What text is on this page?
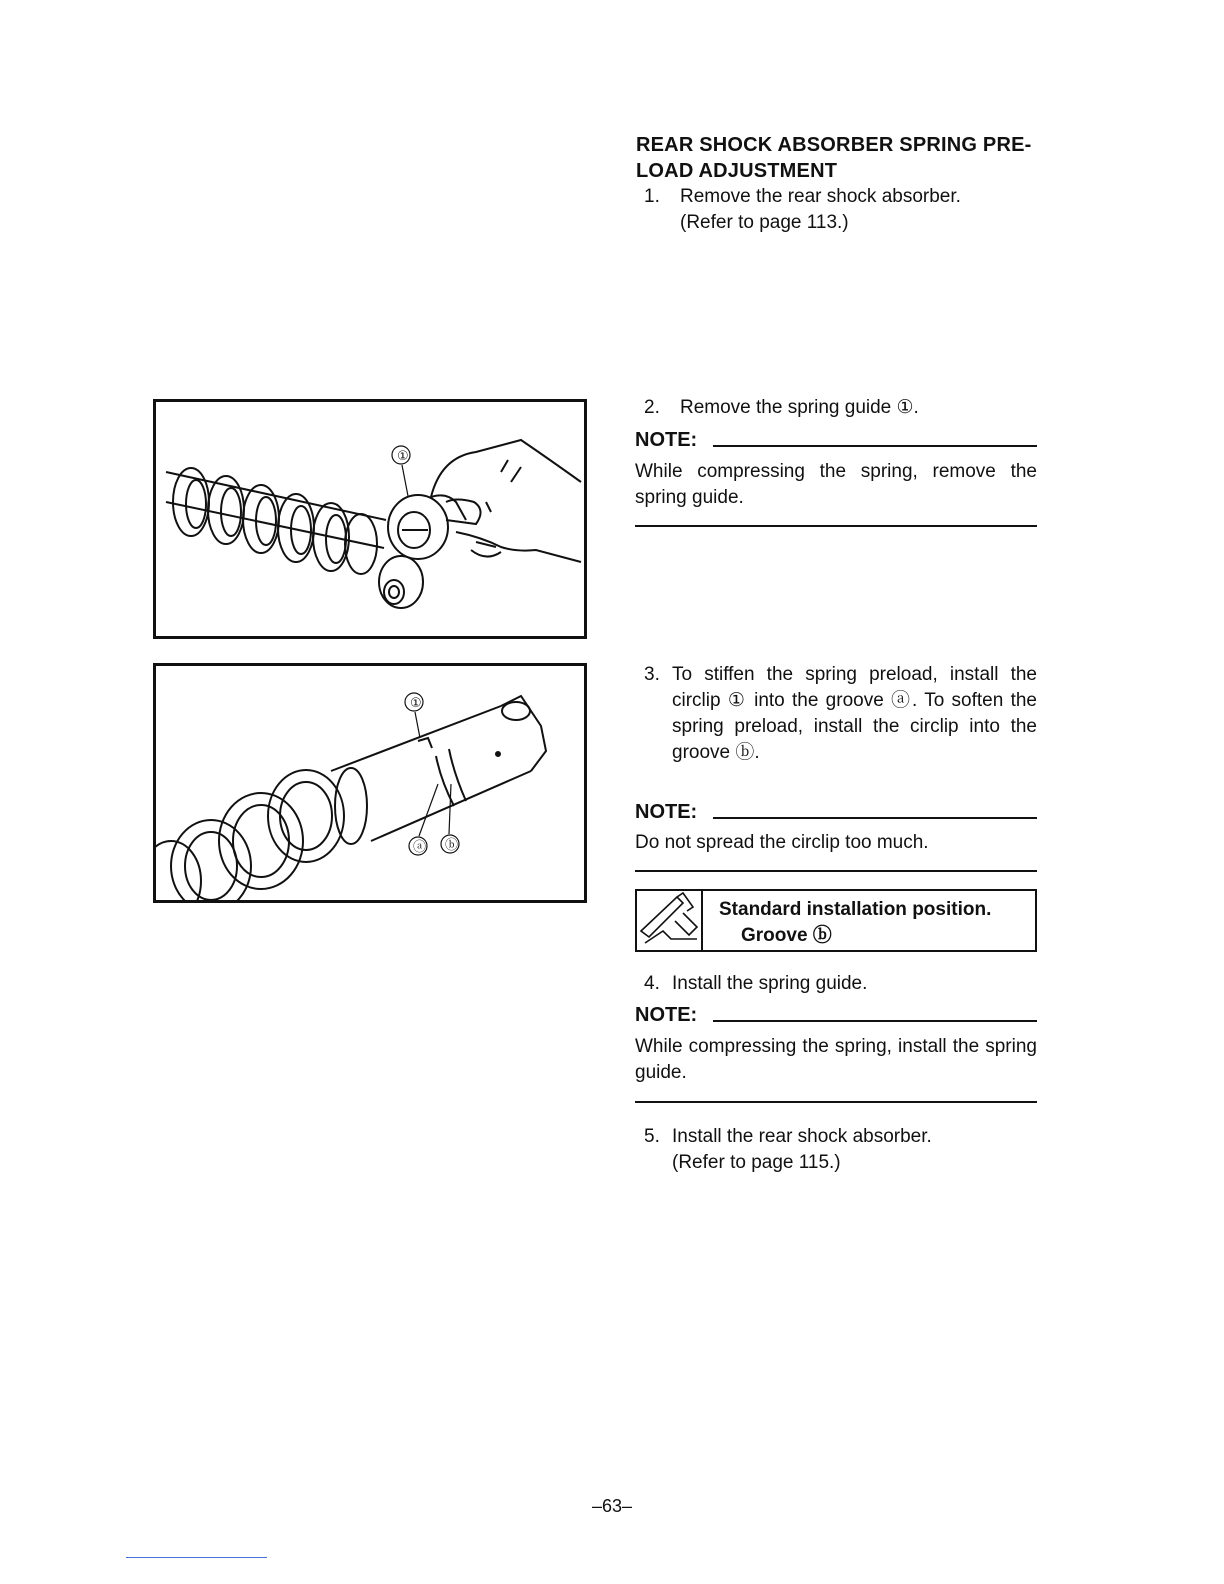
REAR SHOCK ABSORBER SPRING PRE-
LOAD ADJUSTMENT
1. Remove the rear shock absorber.
(Refer to page 113.)
①
2. Remove the spring guide ①.
NOTE:
While compressing the spring, remove the spring guide.
①
ⓐ ⓑ
3. To stiffen the spring preload, install the circlip ① into the groove ⓐ. To soften the spring preload, install the circlip into the groove ⓑ.
NOTE:
Do not spread the circlip too much.
Standard installation position.
Groove ⓑ
4. Install the spring guide.
NOTE:
While compressing the spring, install the spring guide.
5. Install the rear shock absorber.
(Refer to page 115.)
–63–
